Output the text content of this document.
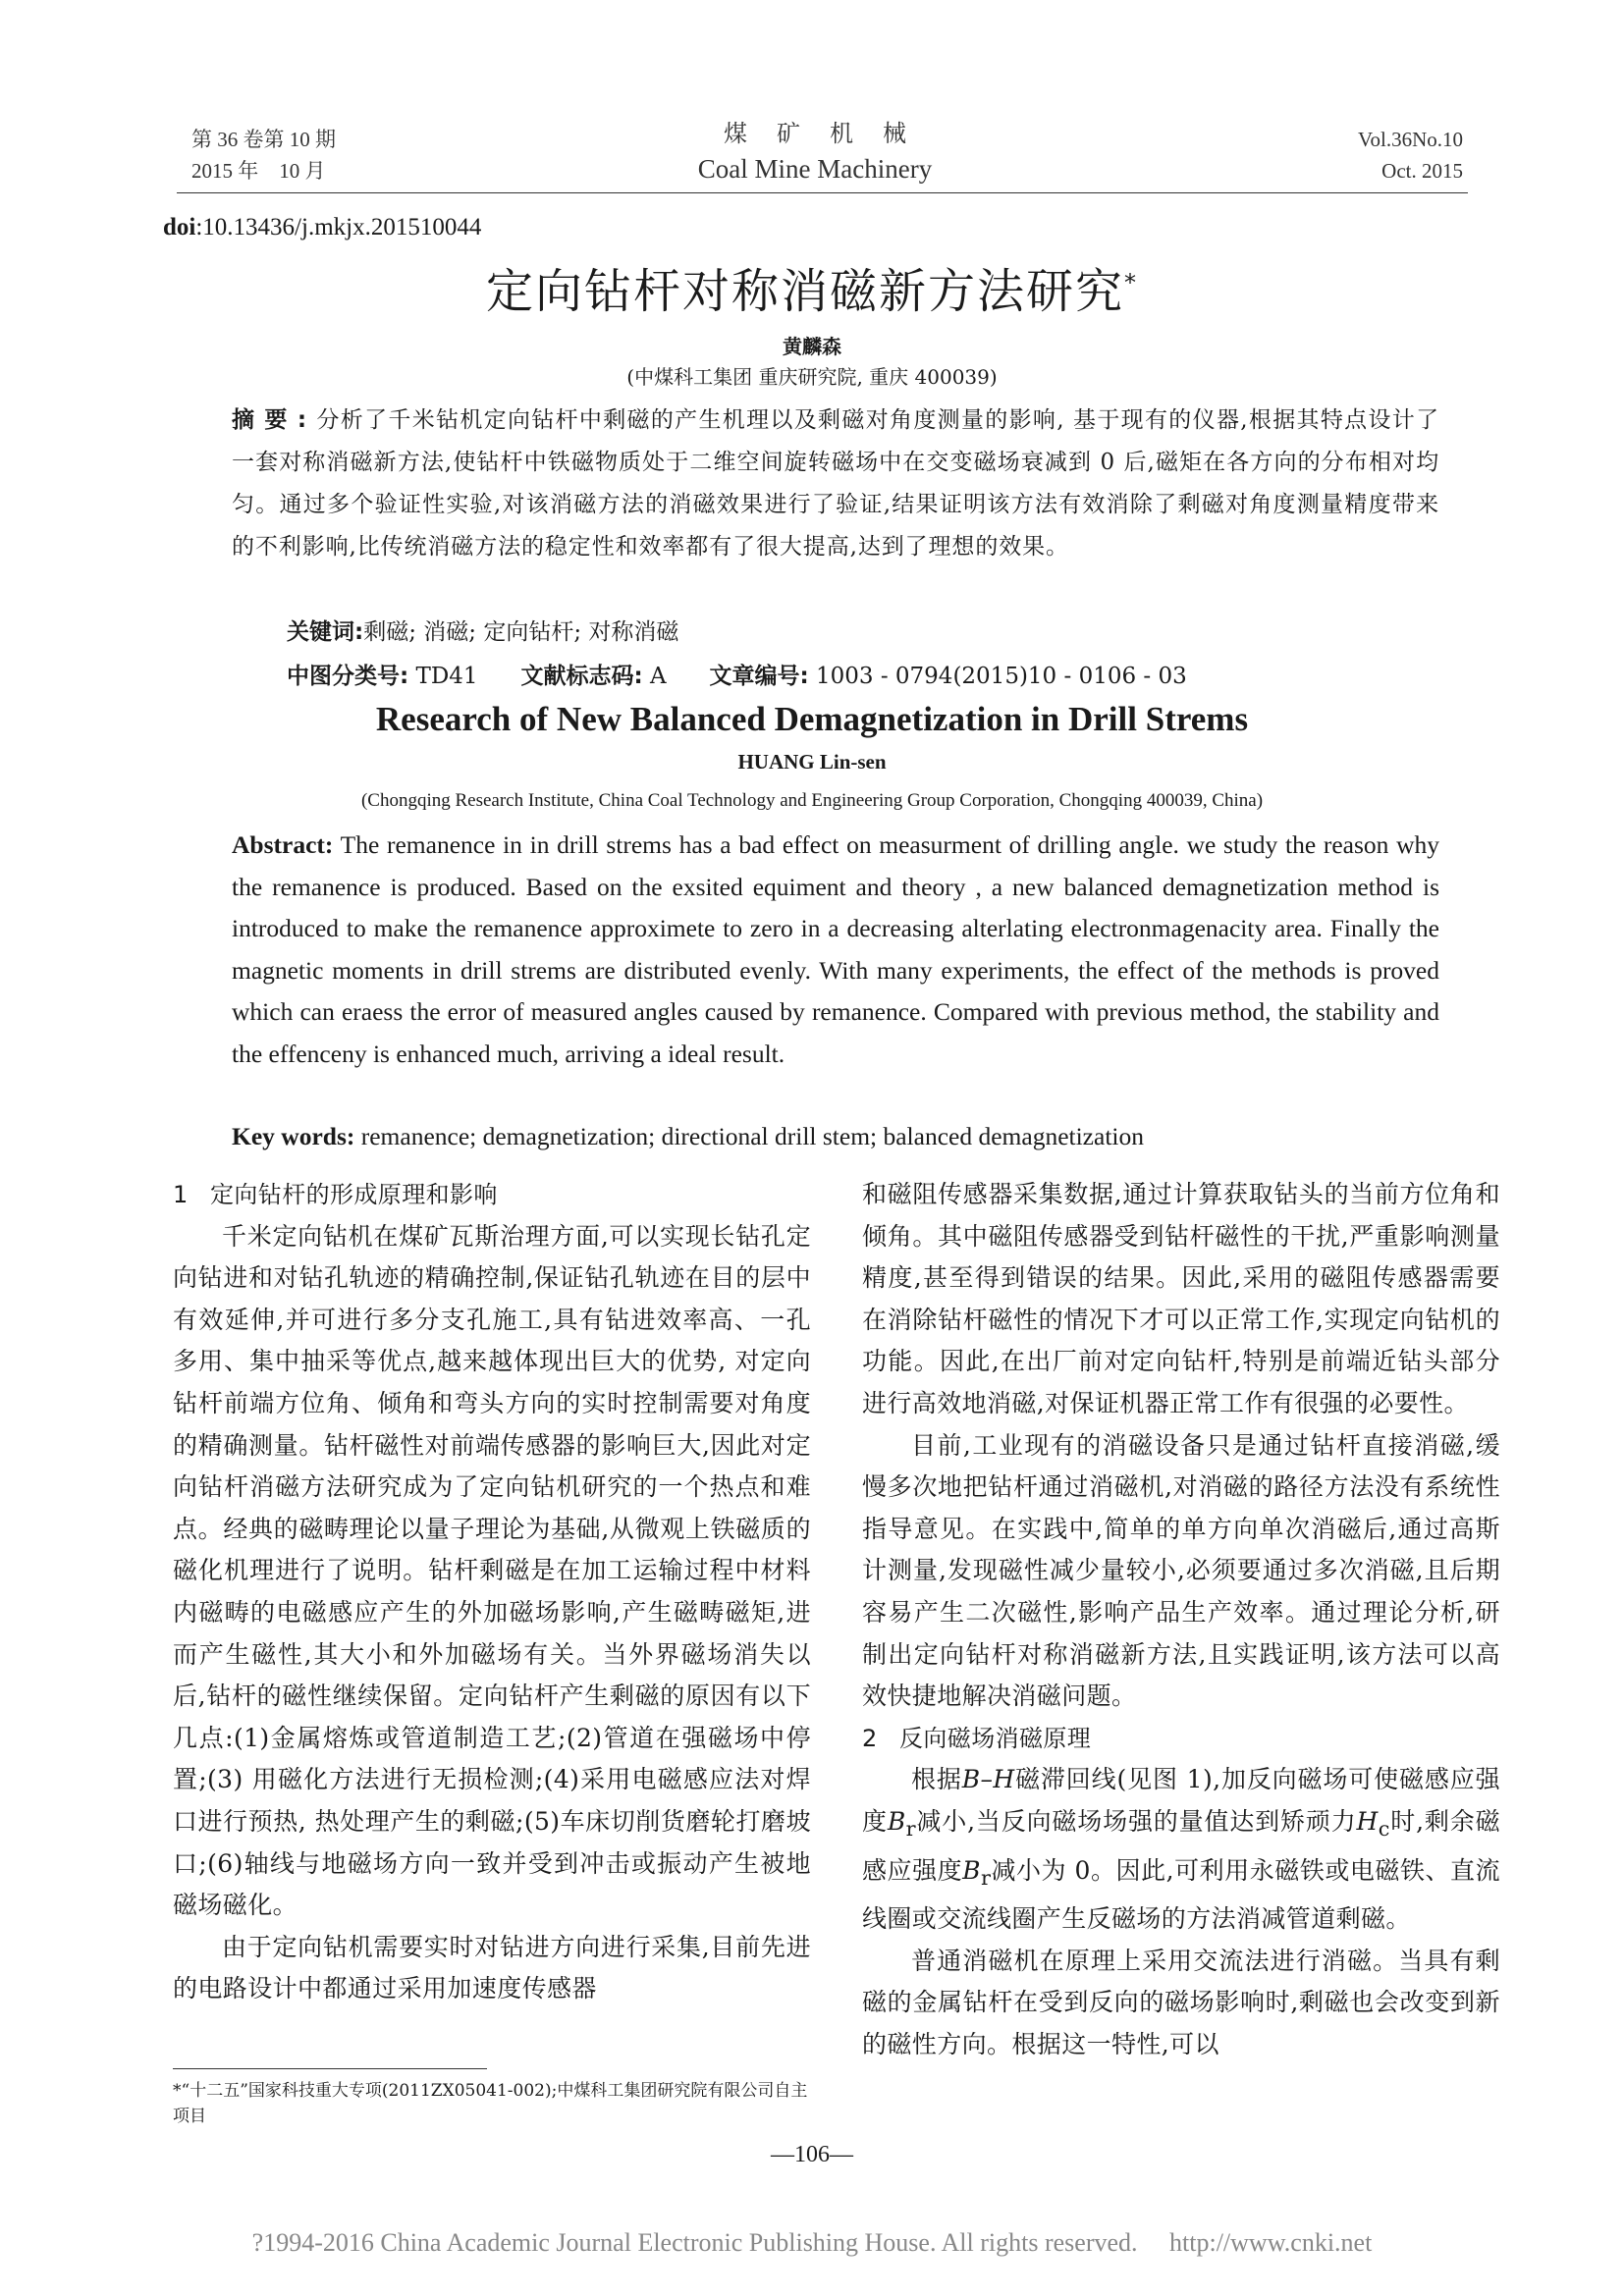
第 36 卷第 10 期
2015 年　10 月
煤矿机械
Coal Mine Machinery
Vol.36No.10
Oct. 2015
doi:10.13436/j.mkjx.201510044
定向钻杆对称消磁新方法研究*
黄麟森
(中煤科工集团 重庆研究院, 重庆 400039)
摘要:分析了千米钻机定向钻杆中剩磁的产生机理以及剩磁对角度测量的影响, 基于现有的仪器,根据其特点设计了一套对称消磁新方法,使钻杆中铁磁物质处于二维空间旋转磁场中在交变磁场衰减到 0 后,磁矩在各方向的分布相对均匀。通过多个验证性实验,对该消磁方法的消磁效果进行了验证,结果证明该方法有效消除了剩磁对角度测量精度带来的不利影响,比传统消磁方法的稳定性和效率都有了很大提高,达到了理想的效果。
关键词:剩磁; 消磁; 定向钻杆; 对称消磁
中图分类号: TD41 文献标志码: A 文章编号: 1003 - 0794(2015)10 - 0106 - 03
Research of New Balanced Demagnetization in Drill Strems
HUANG Lin-sen
(Chongqing Research Institute, China Coal Technology and Engineering Group Corporation, Chongqing 400039, China)
Abstract: The remanence in in drill strems has a bad effect on measurment of drilling angle. we study the reason why the remanence is produced. Based on the exsited equiment and theory , a new balanced demagnetization method is introduced to make the remanence approximete to zero in a decreasing alterlating electronmagenacity area. Finally the magnetic moments in drill strems are distributed evenly. With many experiments, the effect of the methods is proved which can eraess the error of measured angles caused by remanence. Compared with previous method, the stability and the effenceny is enhanced much, arriving a ideal result.
Key words: remanence; demagnetization; directional drill stem; balanced demagnetization
1 定向钻杆的形成原理和影响

千米定向钻机在煤矿瓦斯治理方面,可以实现长钻孔定向钻进和对钻孔轨迹的精确控制,保证钻孔轨迹在目的层中有效延伸,并可进行多分支孔施工,具有钻进效率高、一孔多用、集中抽采等优点,越来越体现出巨大的优势, 对定向钻杆前端方位角、倾角和弯头方向的实时控制需要对角度的精确测量。钻杆磁性对前端传感器的影响巨大,因此对定向钻杆消磁方法研究成为了定向钻机研究的一个热点和难点。经典的磁畴理论以量子理论为基础,从微观上铁磁质的磁化机理进行了说明。钻杆剩磁是在加工运输过程中材料内磁畴的电磁感应产生的外加磁场影响,产生磁畴磁矩,进而产生磁性,其大小和外加磁场有关。当外界磁场消失以后,钻杆的磁性继续保留。定向钻杆产生剩磁的原因有以下几点:(1)金属熔炼或管道制造工艺;(2)管道在强磁场中停置;(3) 用磁化方法进行无损检测;(4)采用电磁感应法对焊口进行预热, 热处理产生的剩磁;(5)车床切削货磨轮打磨坡口;(6)轴线与地磁场方向一致并受到冲击或振动产生被地磁场磁化。

由于定向钻机需要实时对钻进方向进行采集,目前先进的电路设计中都通过采用加速度传感器

和磁阻传感器采集数据,通过计算获取钻头的当前方位角和倾角。其中磁阻传感器受到钻杆磁性的干扰,严重影响测量精度,甚至得到错误的结果。因此,采用的磁阻传感器需要在消除钻杆磁性的情况下才可以正常工作,实现定向钻机的功能。因此,在出厂前对定向钻杆,特别是前端近钻头部分进行高效地消磁,对保证机器正常工作有很强的必要性。

目前,工业现有的消磁设备只是通过钻杆直接消磁,缓慢多次地把钻杆通过消磁机,对消磁的路径方法没有系统性指导意见。在实践中,简单的单方向单次消磁后,通过高斯计测量,发现磁性减少量较小,必须要通过多次消磁,且后期容易产生二次磁性,影响产品生产效率。通过理论分析,研制出定向钻杆对称消磁新方法,且实践证明,该方法可以高效快捷地解决消磁问题。

2 反向磁场消磁原理

根据B–H磁滞回线(见图 1),加反向磁场可使磁感应强度$B_r$减小,当反向磁场场强的量值达到矫顽力$H_c$时,剩余磁感应强度$B_r$减小为 0。因此,可利用永磁铁或电磁铁、直流线圈或交流线圈产生反磁场的方法消减管道剩磁。

普通消磁机在原理上采用交流法进行消磁。当具有剩磁的金属钻杆在受到反向的磁场影响时,剩磁也会改变到新的磁性方向。根据这一特性,可以

*“十二五”国家科技重大专项(2011ZX05041-002);中煤科工集团研究院有限公司自主项目
—106—
?1994-2016 China Academic Journal Electronic Publishing House. All rights reserved.　 http://www.cnki.net
